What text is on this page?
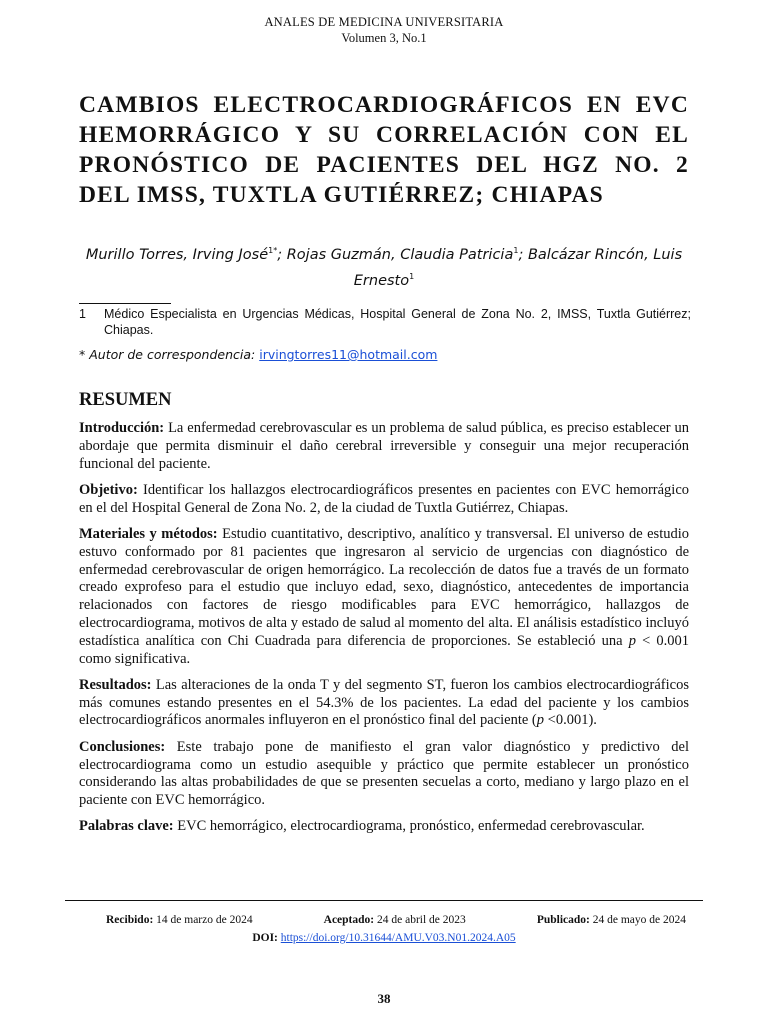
ANALES DE MEDICINA UNIVERSITARIA
Volumen 3, No.1
CAMBIOS ELECTROCARDIOGRÁFICOS EN EVC HEMORRÁGICO Y SU CORRELACIÓN CON EL PRONÓSTICO DE PACIENTES DEL HGZ NO. 2 DEL IMSS, TUXTLA GUTIÉRREZ; CHIAPAS
Murillo Torres, Irving José$^{1*}$; Rojas Guzmán, Claudia Patricia$^1$; Balcázar Rincón, Luis Ernesto$^1$
1	Médico Especialista en Urgencias Médicas, Hospital General de Zona No. 2, IMSS, Tuxtla Gutiérrez; Chiapas.
* Autor de correspondencia: irvingtorres11@hotmail.com
RESUMEN

Introducción: La enfermedad cerebrovascular es un problema de salud pública, es preciso establecer un abordaje que permita disminuir el daño cerebral irreversible y conseguir una mejor recuperación funcional del paciente.

Objetivo: Identificar los hallazgos electrocardiográficos presentes en pacientes con EVC hemorrágico en el del Hospital General de Zona No. 2, de la ciudad de Tuxtla Gutiérrez, Chiapas.

Materiales y métodos: Estudio cuantitativo, descriptivo, analítico y transversal. El universo de estudio estuvo conformado por 81 pacientes que ingresaron al servicio de urgencias con diagnóstico de enfermedad cerebrovascular de origen hemorrágico. La recolección de datos fue a través de un formato creado exprofeso para el estudio que incluyo edad, sexo, diagnóstico, antecedentes de importancia relacionados con factores de riesgo modificables para EVC hemorrágico, hallazgos de electrocardiograma, motivos de alta y estado de salud al momento del alta. El análisis estadístico incluyó estadística analítica con Chi Cuadrada para diferencia de proporciones. Se estableció una p < 0.001 como significativa.

Resultados: Las alteraciones de la onda T y del segmento ST, fueron los cambios electrocardiográficos más comunes estando presentes en el 54.3% de los pacientes. La edad del paciente y los cambios electrocardiográficos anormales influyeron en el pronóstico final del paciente (p <0.001).

Conclusiones: Este trabajo pone de manifiesto el gran valor diagnóstico y predictivo del electrocardiograma como un estudio asequible y práctico que permite establecer un pronóstico considerando las altas probabilidades de que se presenten secuelas a corto, mediano y largo plazo en el paciente con EVC hemorrágico.

Palabras clave: EVC hemorrágico, electrocardiograma, pronóstico, enfermedad cerebrovascular.

Recibido: 14 de marzo de 2024	Aceptado: 24 de abril de 2023	Publicado: 24 de mayo de 2024
DOI: https://doi.org/10.31644/AMU.V03.N01.2024.A05
38
